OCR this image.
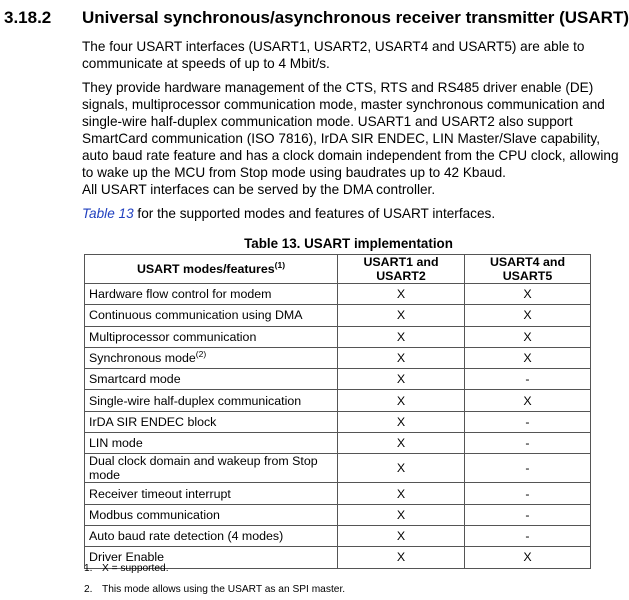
3.18.2 Universal synchronous/asynchronous receiver transmitter (USART)
The four USART interfaces (USART1, USART2, USART4 and USART5) are able to communicate at speeds of up to 4 Mbit/s.
They provide hardware management of the CTS, RTS and RS485 driver enable (DE) signals, multiprocessor communication mode, master synchronous communication and single-wire half-duplex communication mode. USART1 and USART2 also support SmartCard communication (ISO 7816), IrDA SIR ENDEC, LIN Master/Slave capability, auto baud rate feature and has a clock domain independent from the CPU clock, allowing to wake up the MCU from Stop mode using baudrates up to 42 Kbaud.
All USART interfaces can be served by the DMA controller.
Table 13 for the supported modes and features of USART interfaces.
Table 13. USART implementation
USART modes/features$^{(1)}$	USART1 and USART2	USART4 and USART5
Hardware flow control for modem	X	X
Continuous communication using DMA	X	X
Multiprocessor communication	X	X
Synchronous mode$^{(2)}$	X	X
Smartcard mode	X	-
Single-wire half-duplex communication	X	X
IrDA SIR ENDEC block	X	-
LIN mode	X	-
Dual clock domain and wakeup from Stop mode	X	-
Receiver timeout interrupt	X	-
Modbus communication	X	-
Auto baud rate detection (4 modes)	X	-
Driver Enable	X	X
1. X = supported.
2. This mode allows using the USART as an SPI master.
